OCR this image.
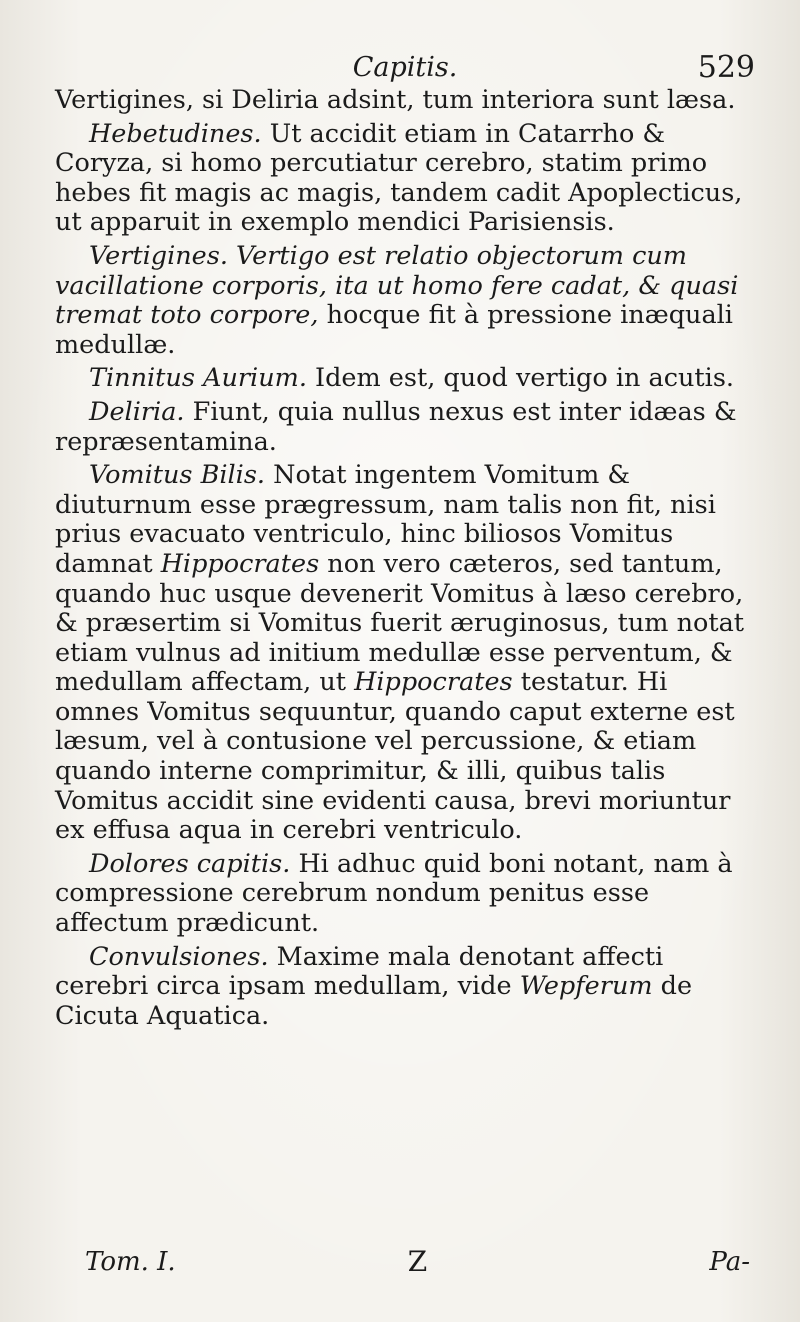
Capitis.	529

Vertigines, si Deliria adsint, tum interiora sunt læsa.

Hebetudines. Ut accidit etiam in Catarrho & Coryza, si homo percutiatur cerebro, statim primo hebes fit magis ac magis, tandem cadit Apoplecticus, ut apparuit in exemplo mendici Parisiensis.

Vertigines. Vertigo est relatio objectorum cum vacillatione corporis, ita ut homo fere cadat, & quasi tremat toto corpore, hocque fit à pressione inæquali medullæ.

Tinnitus Aurium. Idem est, quod vertigo in acutis.

Deliria. Fiunt, quia nullus nexus est inter idæas & repræsentamina.

Vomitus Bilis. Notat ingentem Vomitum & diuturnum esse prægressum, nam talis non fit, nisi prius evacuato ventriculo, hinc biliosos Vomitus damnat Hippocrates non vero cæteros, sed tantum, quando huc usque devenerit Vomitus à læso cerebro, & præsertim si Vomitus fuerit æruginosus, tum notat etiam vulnus ad initium medullæ esse perventum, & medullam affectam, ut Hippocrates testatur. Hi omnes Vomitus sequuntur, quando caput externe est læsum, vel à contusione vel percussione, & etiam quando interne comprimitur, & illi, quibus talis Vomitus accidit sine evidenti causa, brevi moriuntur ex effusa aqua in cerebri ventriculo.

Dolores capitis. Hi adhuc quid boni notant, nam à compressione cerebrum nondum penitus esse affectum prædicunt.

Convulsiones. Maxime mala denotant affecti cerebri circa ipsam medullam, vide Wepferum de Cicuta Aquatica.

Tom. I.	Z	Pa-
